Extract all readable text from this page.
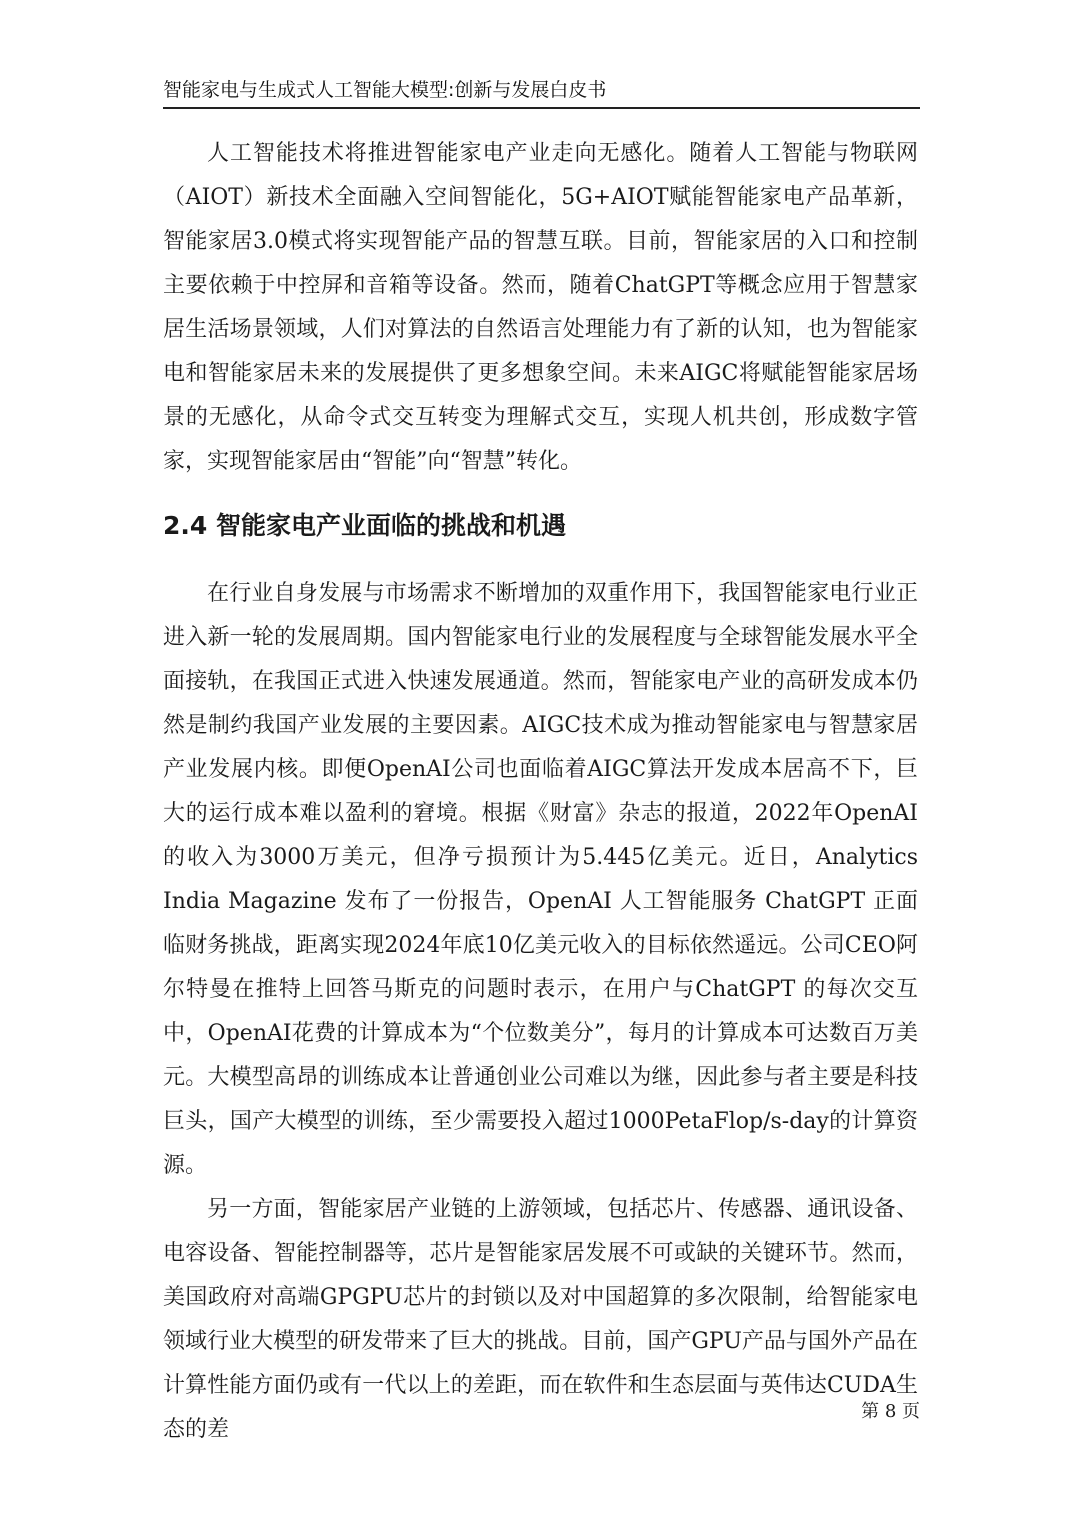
智能家电与生成式人工智能大模型:创新与发展白皮书

人工智能技术将推进智能家电产业走向无感化。随着人工智能与物联网（AIOT）新技术全面融入空间智能化，5G+AIOT赋能智能家电产品革新，智能家居3.0模式将实现智能产品的智慧互联。目前，智能家居的入口和控制主要依赖于中控屏和音箱等设备。然而，随着ChatGPT等概念应用于智慧家居生活场景领域，人们对算法的自然语言处理能力有了新的认知，也为智能家电和智能家居未来的发展提供了更多想象空间。未来AIGC将赋能智能家居场景的无感化，从命令式交互转变为理解式交互，实现人机共创，形成数字管家，实现智能家居由“智能”向“智慧”转化。

2.4 智能家电产业面临的挑战和机遇

在行业自身发展与市场需求不断增加的双重作用下，我国智能家电行业正进入新一轮的发展周期。国内智能家电行业的发展程度与全球智能发展水平全面接轨，在我国正式进入快速发展通道。然而，智能家电产业的高研发成本仍然是制约我国产业发展的主要因素。AIGC技术成为推动智能家电与智慧家居产业发展内核。即便OpenAI公司也面临着AIGC算法开发成本居高不下，巨大的运行成本难以盈利的窘境。根据《财富》杂志的报道，2022年OpenAI 的收入为3000万美元，但净亏损预计为5.445亿美元。近日，Analytics India Magazine 发布了一份报告，OpenAI 人工智能服务 ChatGPT 正面临财务挑战，距离实现2024年底10亿美元收入的目标依然遥远。公司CEO阿尔特曼在推特上回答马斯克的问题时表示，在用户与ChatGPT 的每次交互中，OpenAI花费的计算成本为“个位数美分”，每月的计算成本可达数百万美元。大模型高昂的训练成本让普通创业公司难以为继，因此参与者主要是科技巨头，国产大模型的训练，至少需要投入超过1000PetaFlop/s-day的计算资源。

另一方面，智能家居产业链的上游领域，包括芯片、传感器、通讯设备、电容设备、智能控制器等，芯片是智能家居发展不可或缺的关键环节。然而，美国政府对高端GPGPU芯片的封锁以及对中国超算的多次限制，给智能家电领域行业大模型的研发带来了巨大的挑战。目前，国产GPU产品与国外产品在计算性能方面仍或有一代以上的差距，而在软件和生态层面与英伟达CUDA生态的差

第 8 页
